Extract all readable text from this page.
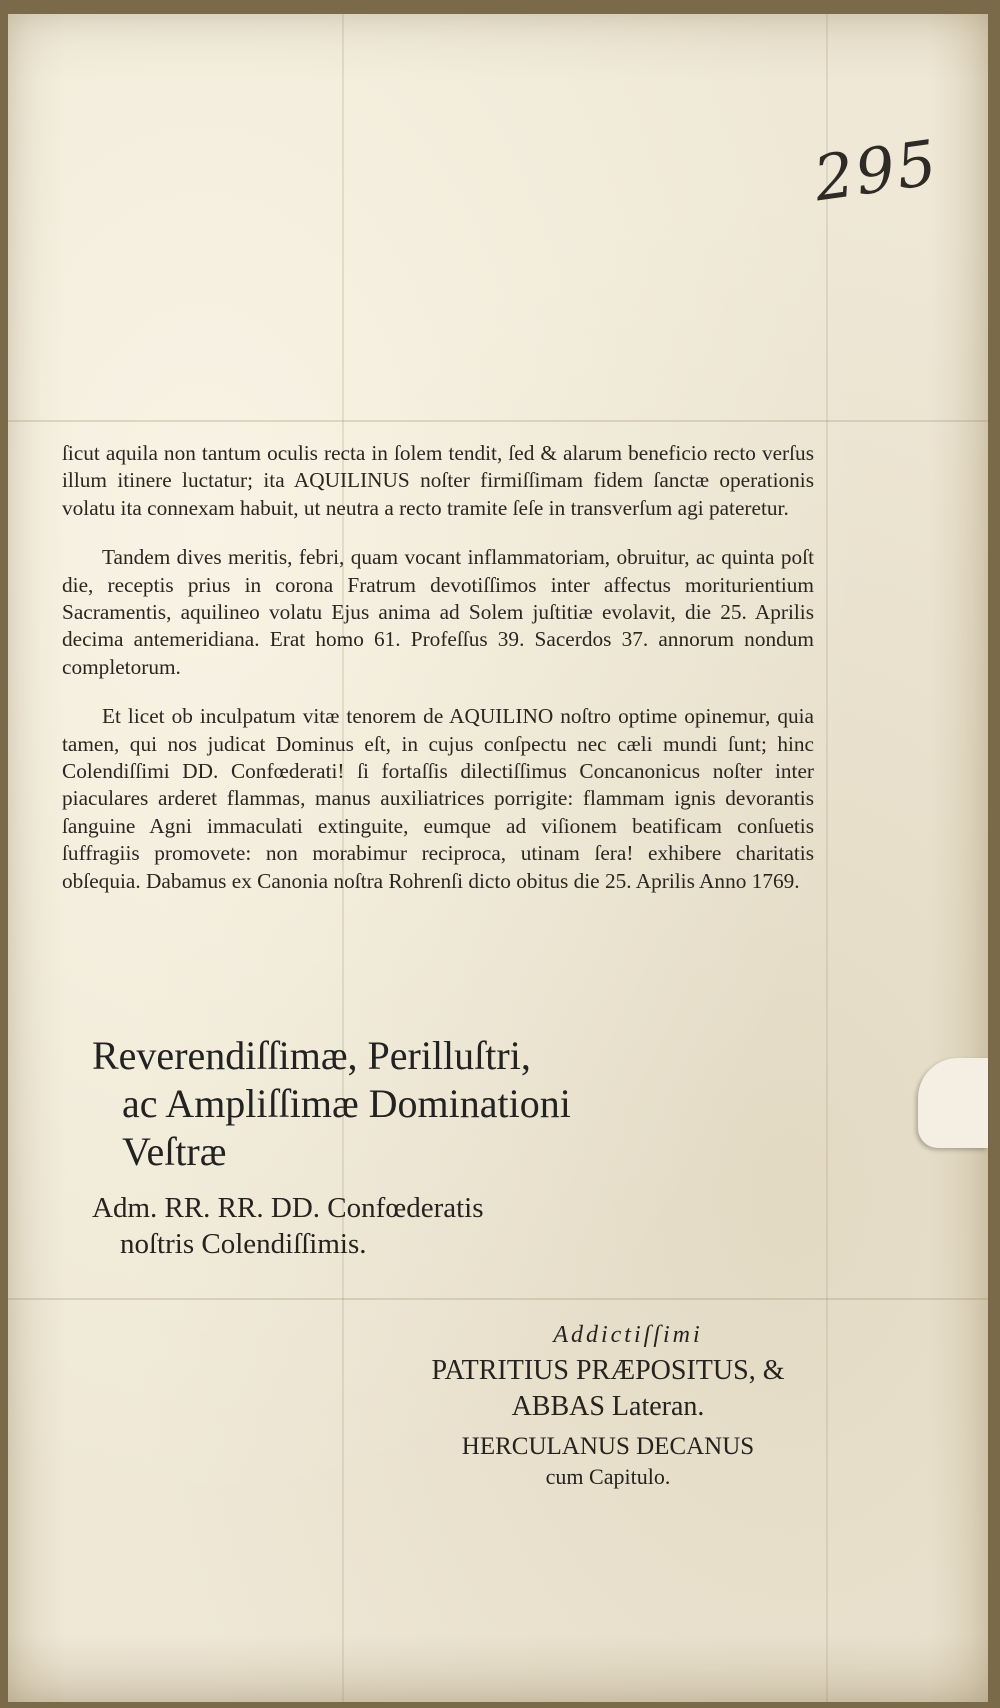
295

ſicut aquila non tantum oculis recta in ſolem tendit, ſed & alarum beneficio recto verſus illum itinere luctatur; ita AQUILINUS noſter firmiſſimam fidem ſanctæ operationis volatu ita connexam habuit, ut neutra a recto tramite ſeſe in transverſum agi pateretur.

Tandem dives meritis, febri, quam vocant inflammatoriam, obruitur, ac quinta poſt die, receptis prius in corona Fratrum devotiſſimos inter affectus moriturientium Sacramentis, aquilineo volatu Ejus anima ad Solem juſtitiæ evolavit, die 25. Aprilis decima antemeridiana. Erat homo 61. Profeſſus 39. Sacerdos 37. annorum nondum completorum.

Et licet ob inculpatum vitæ tenorem de AQUILINO noſtro optime opinemur, quia tamen, qui nos judicat Dominus eſt, in cujus conſpectu nec cæli mundi ſunt; hinc Colendiſſimi DD. Confœderati! ſi fortaſſis dilectiſſimus Concanonicus noſter inter piaculares arderet flammas, manus auxiliatrices porrigite: flammam ignis devorantis ſanguine Agni immaculati extinguite, eumque ad viſionem beatificam conſuetis ſuffragiis promovete: non morabimur reciproca, utinam ſera! exhibere charitatis obſequia. Dabamus ex Canonia noſtra Rohrenſi dicto obitus die 25. Aprilis Anno 1769.

Reverendiſſimæ, Perilluſtri,
ac Ampliſſimæ Dominationi
Veſtræ
Adm. RR. RR. DD. Confœderatis
noſtris Colendiſſimis.
Addictiſſimi
PATRITIUS PRÆPOSITUS, &
ABBAS Lateran.
HERCULANUS DECANUS
cum Capitulo.
